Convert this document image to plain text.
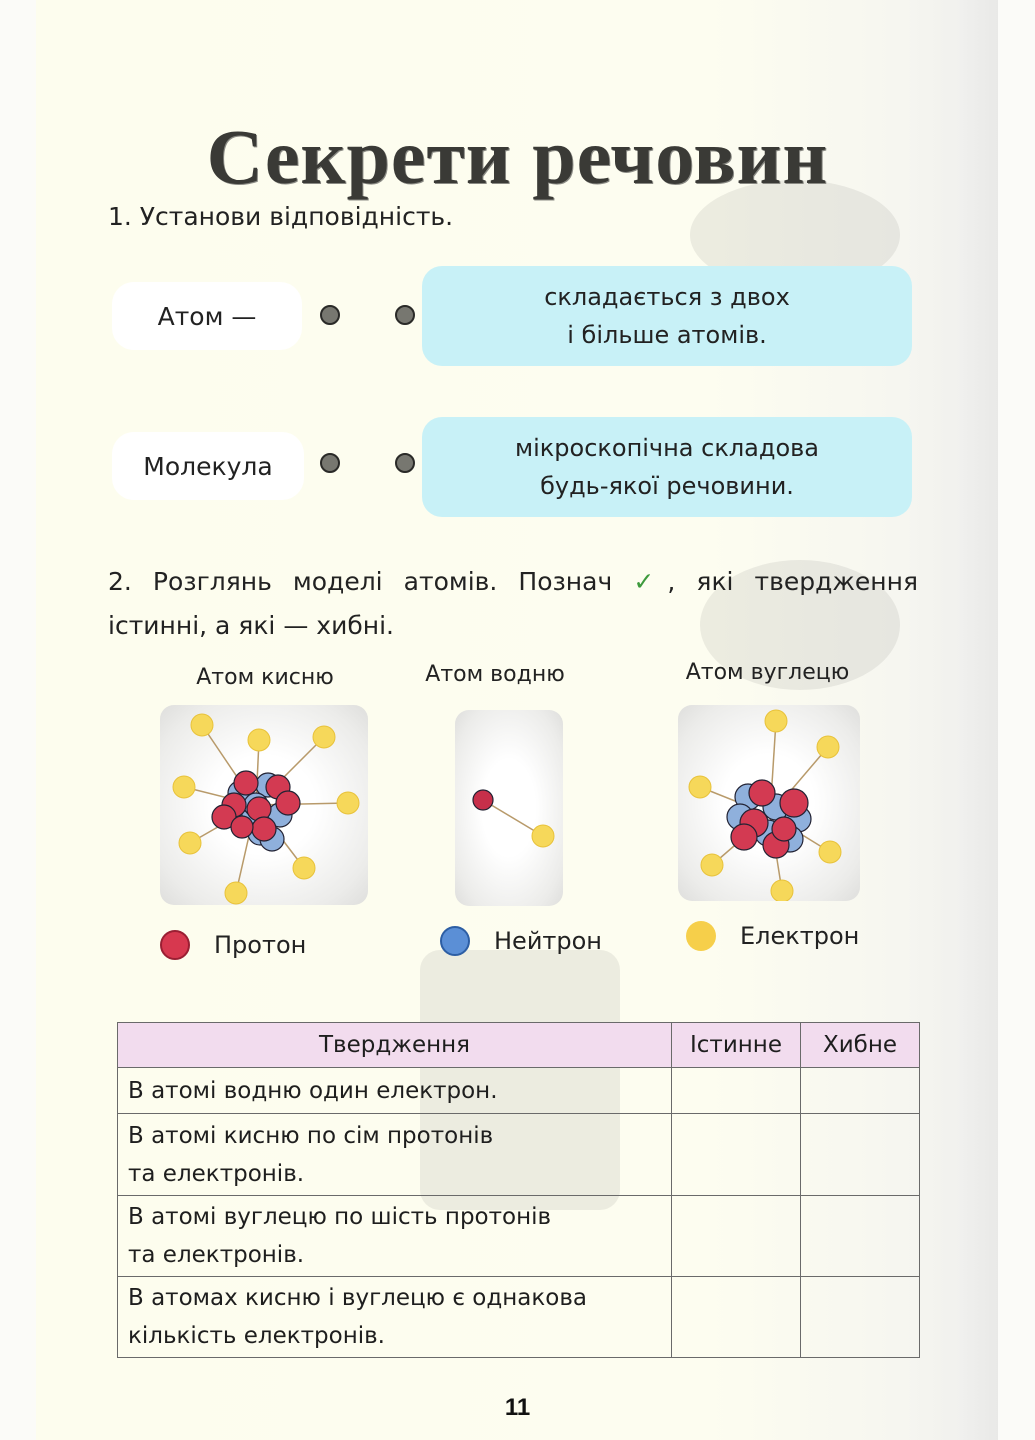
Секрети речовин
1. Установи відповідність.
Атом —
Молекула
складається з двох
і більше атомів.
мікроскопічна складова
будь-якої речовини.
2. Розглянь моделі атомів. Познач ✓, які твердження істинні, а які — хибні.
Атом кисню	Атом водню	Атом вуглецю
Протон	Нейтрон	Електрон
Твердження	Істинне	Хибне

В атомі водню один електрон.		

В атомі кисню по сім протонів
та електронів.		

В атомі вуглецю по шість протонів
та електронів.		

В атомах кисню і вуглецю є однакова
кількість електронів.		

11
